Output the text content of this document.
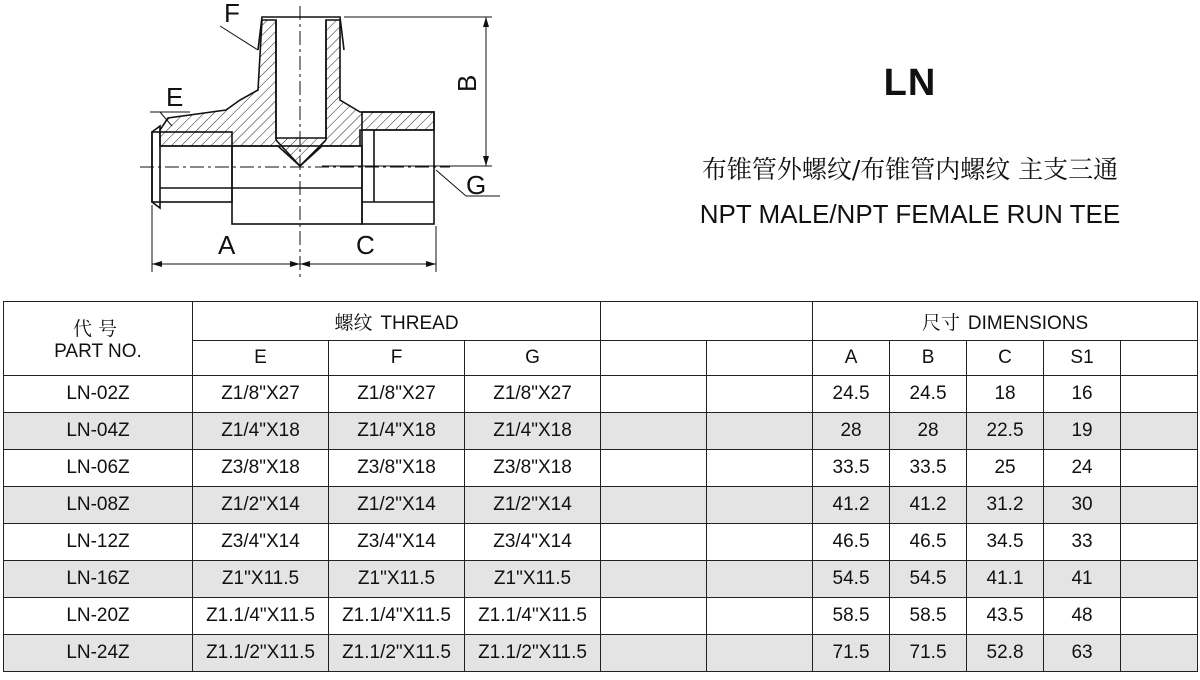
E
F
G
A	C
B	LN
布锥管外螺纹/布锥管内螺纹 主支三通
NPT MALE/NPT FEMALE RUN TEE
代号
PART NO.	螺纹 THREAD					尺寸 DIMENSIONS				
	E	F	G			A	B	C	S1	
LN-02Z	Z1/8"X27	Z1/8"X27	Z1/8"X27			24.5	24.5	18	16	
LN-04Z	Z1/4"X18	Z1/4"X18	Z1/4"X18			28	28	22.5	19	
LN-06Z	Z3/8"X18	Z3/8"X18	Z3/8"X18			33.5	33.5	25	24	
LN-08Z	Z1/2"X14	Z1/2"X14	Z1/2"X14			41.2	41.2	31.2	30	
LN-12Z	Z3/4"X14	Z3/4"X14	Z3/4"X14			46.5	46.5	34.5	33	
LN-16Z	Z1"X11.5	Z1"X11.5	Z1"X11.5			54.5	54.5	41.1	41	
LN-20Z	Z1.1/4"X11.5	Z1.1/4"X11.5	Z1.1/4"X11.5			58.5	58.5	43.5	48	
LN-24Z	Z1.1/2"X11.5	Z1.1/2"X11.5	Z1.1/2"X11.5			71.5	71.5	52.8	63	
